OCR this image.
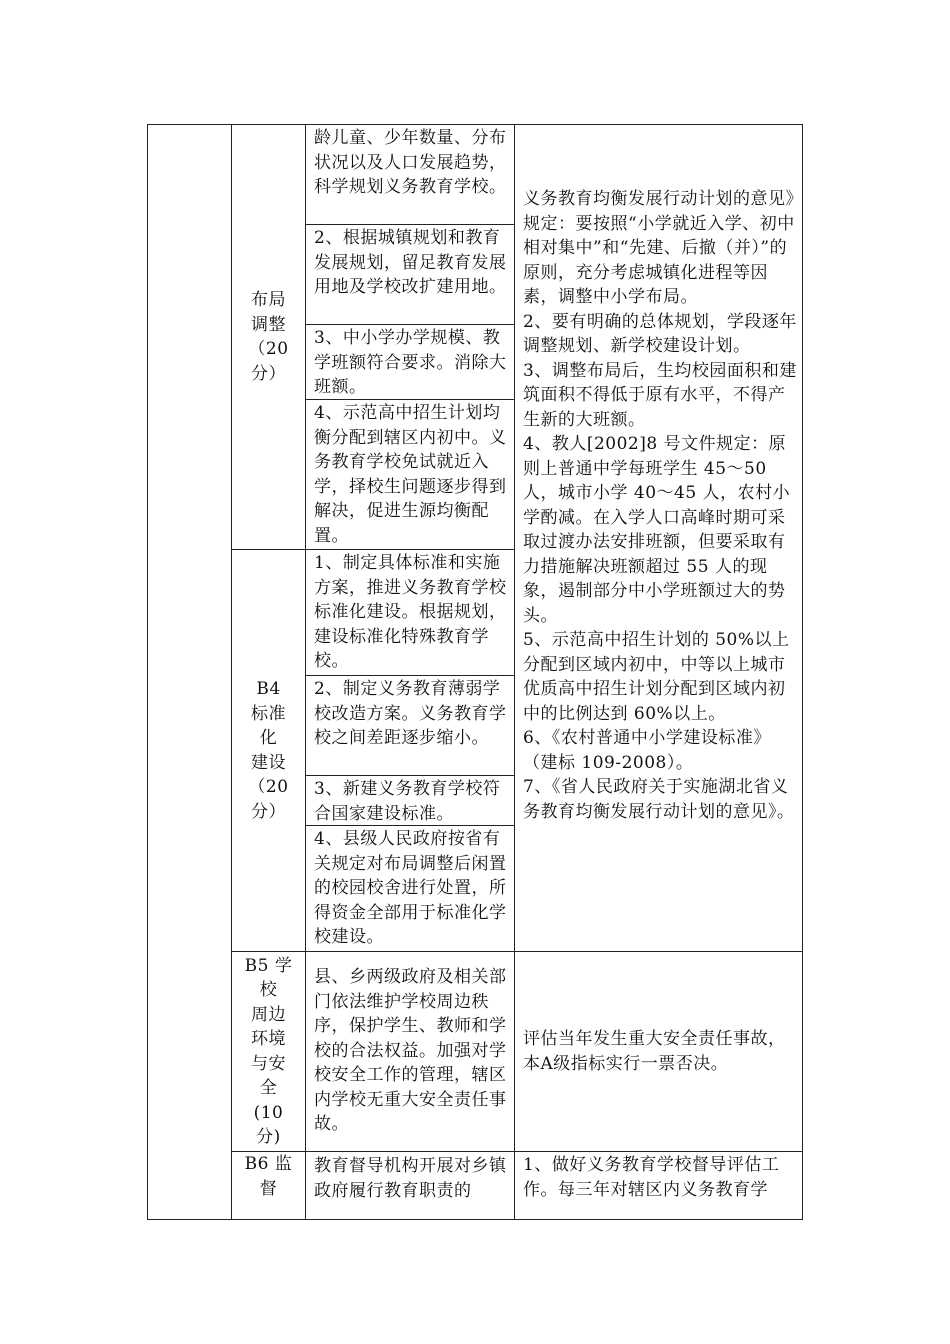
布局
调整
（20
分）
龄儿童、少年数量、分布状况以及人口发展趋势，科学规划义务教育学校。
2、根据城镇规划和教育发展规划，留足教育发展用地及学校改扩建用地。
3、中小学办学规模、教学班额符合要求。消除大班额。
4、示范高中招生计划均衡分配到辖区内初中。义务教育学校免试就近入学，择校生问题逐步得到解决，促进生源均衡配置。
B4
标准
化
建设
（20
分）
1、制定具体标准和实施方案，推进义务教育学校标准化建设。根据规划，建设标准化特殊教育学校。
2、制定义务教育薄弱学校改造方案。义务教育学校之间差距逐步缩小。
3、新建义务教育学校符合国家建设标准。
4、县级人民政府按省有关规定对布局调整后闲置的校园校舍进行处置，所得资金全部用于标准化学校建设。
义务教育均衡发展行动计划的意见》规定：要按照“小学就近入学、初中相对集中”和“先建、后撤（并）”的原则，充分考虑城镇化进程等因素，调整中小学布局。
2、要有明确的总体规划，学段逐年调整规划、新学校建设计划。
3、调整布局后，生均校园面积和建筑面积不得低于原有水平，不得产生新的大班额。
4、教人[2002]8 号文件规定：原则上普通中学每班学生 45～50 人，城市小学 40～45 人，农村小学酌减。在入学人口高峰时期可采取过渡办法安排班额，但要采取有力措施解决班额超过 55 人的现象，遏制部分中小学班额过大的势头。
5、示范高中招生计划的 50%以上分配到区域内初中，中等以上城市优质高中招生计划分配到区域内初中的比例达到 60%以上。
6、《农村普通中小学建设标准》（建标 109-2008）。
7、《省人民政府关于实施湖北省义务教育均衡发展行动计划的意见》。
B5 学
校
周边
环境
与安
全
(10
分)
县、乡两级政府及相关部门依法维护学校周边秩序，保护学生、教师和学校的合法权益。加强对学校安全工作的管理，辖区内学校无重大安全责任事故。
评估当年发生重大安全责任事故，本A级指标实行一票否决。
B6 监
督
教育督导机构开展对乡镇政府履行教育职责的
1、做好义务教育学校督导评估工作。每三年对辖区内义务教育学
